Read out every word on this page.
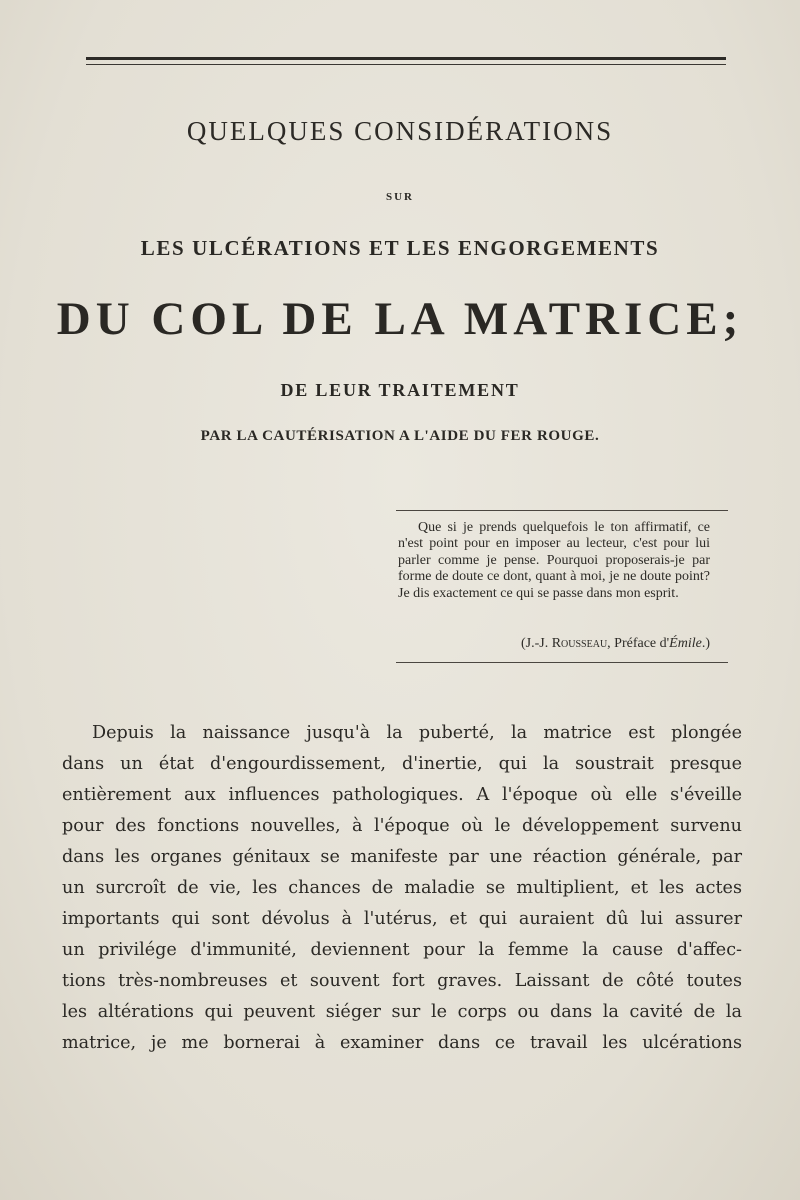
QUELQUES CONSIDÉRATIONS
SUR
LES ULCÉRATIONS ET LES ENGORGEMENTS
DU COL DE LA MATRICE;
DE LEUR TRAITEMENT
PAR LA CAUTÉRISATION A L'AIDE DU FER ROUGE.
Que si je prends quelquefois le ton affirmatif, ce n'est point pour en imposer au lecteur, c'est pour lui parler comme je pense. Pourquoi proposerais-je par forme de doute ce dont, quant à moi, je ne doute point? Je dis exactement ce qui se passe dans mon esprit.
(J.-J. Rousseau, Préface d'Émile.)
Depuis la naissance jusqu'à la puberté, la matrice est plongée
dans un état d'engourdissement, d'inertie, qui la soustrait presque
entièrement aux influences pathologiques. A l'époque où elle s'éveille
pour des fonctions nouvelles, à l'époque où le développement survenu
dans les organes génitaux se manifeste par une réaction générale, par
un surcroît de vie, les chances de maladie se multiplient, et les actes
importants qui sont dévolus à l'utérus, et qui auraient dû lui assurer
un privilége d'immunité, deviennent pour la femme la cause d'affec-
tions très-nombreuses et souvent fort graves. Laissant de côté toutes
les altérations qui peuvent siéger sur le corps ou dans la cavité de la
matrice, je me bornerai à examiner dans ce travail les ulcérations
